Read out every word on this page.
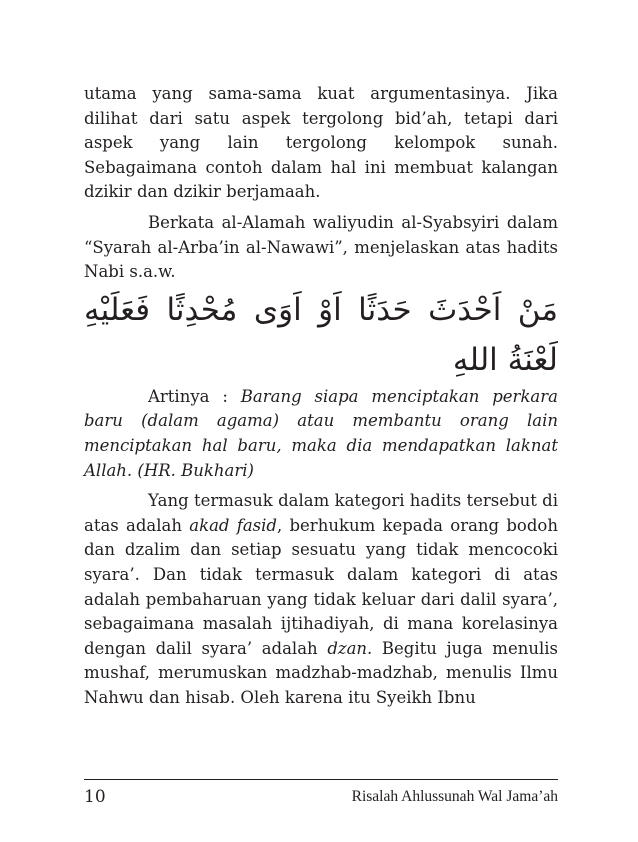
utama yang sama-sama kuat argumentasinya. Jika dilihat dari satu aspek tergolong bid’ah, tetapi dari aspek yang lain tergolong kelompok sunah. Sebagaimana contoh dalam hal ini membuat kalangan dzikir dan dzikir berjamaah.

Berkata al-Alamah waliyudin al-Syabsyiri dalam “Syarah al-Arba’in al-Nawawi”, menjelaskan atas hadits Nabi s.a.w.

مَنْ اَحْدَثَ حَدَثًا اَوْ اَوَى مُحْدِثًا فَعَلَيْهِ لَعْنَةُ اللهِ

Artinya : Barang siapa menciptakan perkara baru (dalam agama) atau membantu orang lain menciptakan hal baru, maka dia mendapatkan laknat Allah. (HR. Bukhari)

Yang termasuk dalam kategori hadits tersebut di atas adalah akad fasid, berhukum kepada orang bodoh dan dzalim dan setiap sesuatu yang tidak mencocoki syara’. Dan tidak termasuk dalam kategori di atas adalah pembaharuan yang tidak keluar dari dalil syara’, sebagaimana masalah ijtihadiyah, di mana korelasinya dengan dalil syara’ adalah dzan. Begitu juga menulis mushaf, merumuskan madzhab-madzhab, menulis Ilmu Nahwu dan hisab. Oleh karena itu Syeikh Ibnu

10	Risalah Ahlussunah Wal Jama’ah
